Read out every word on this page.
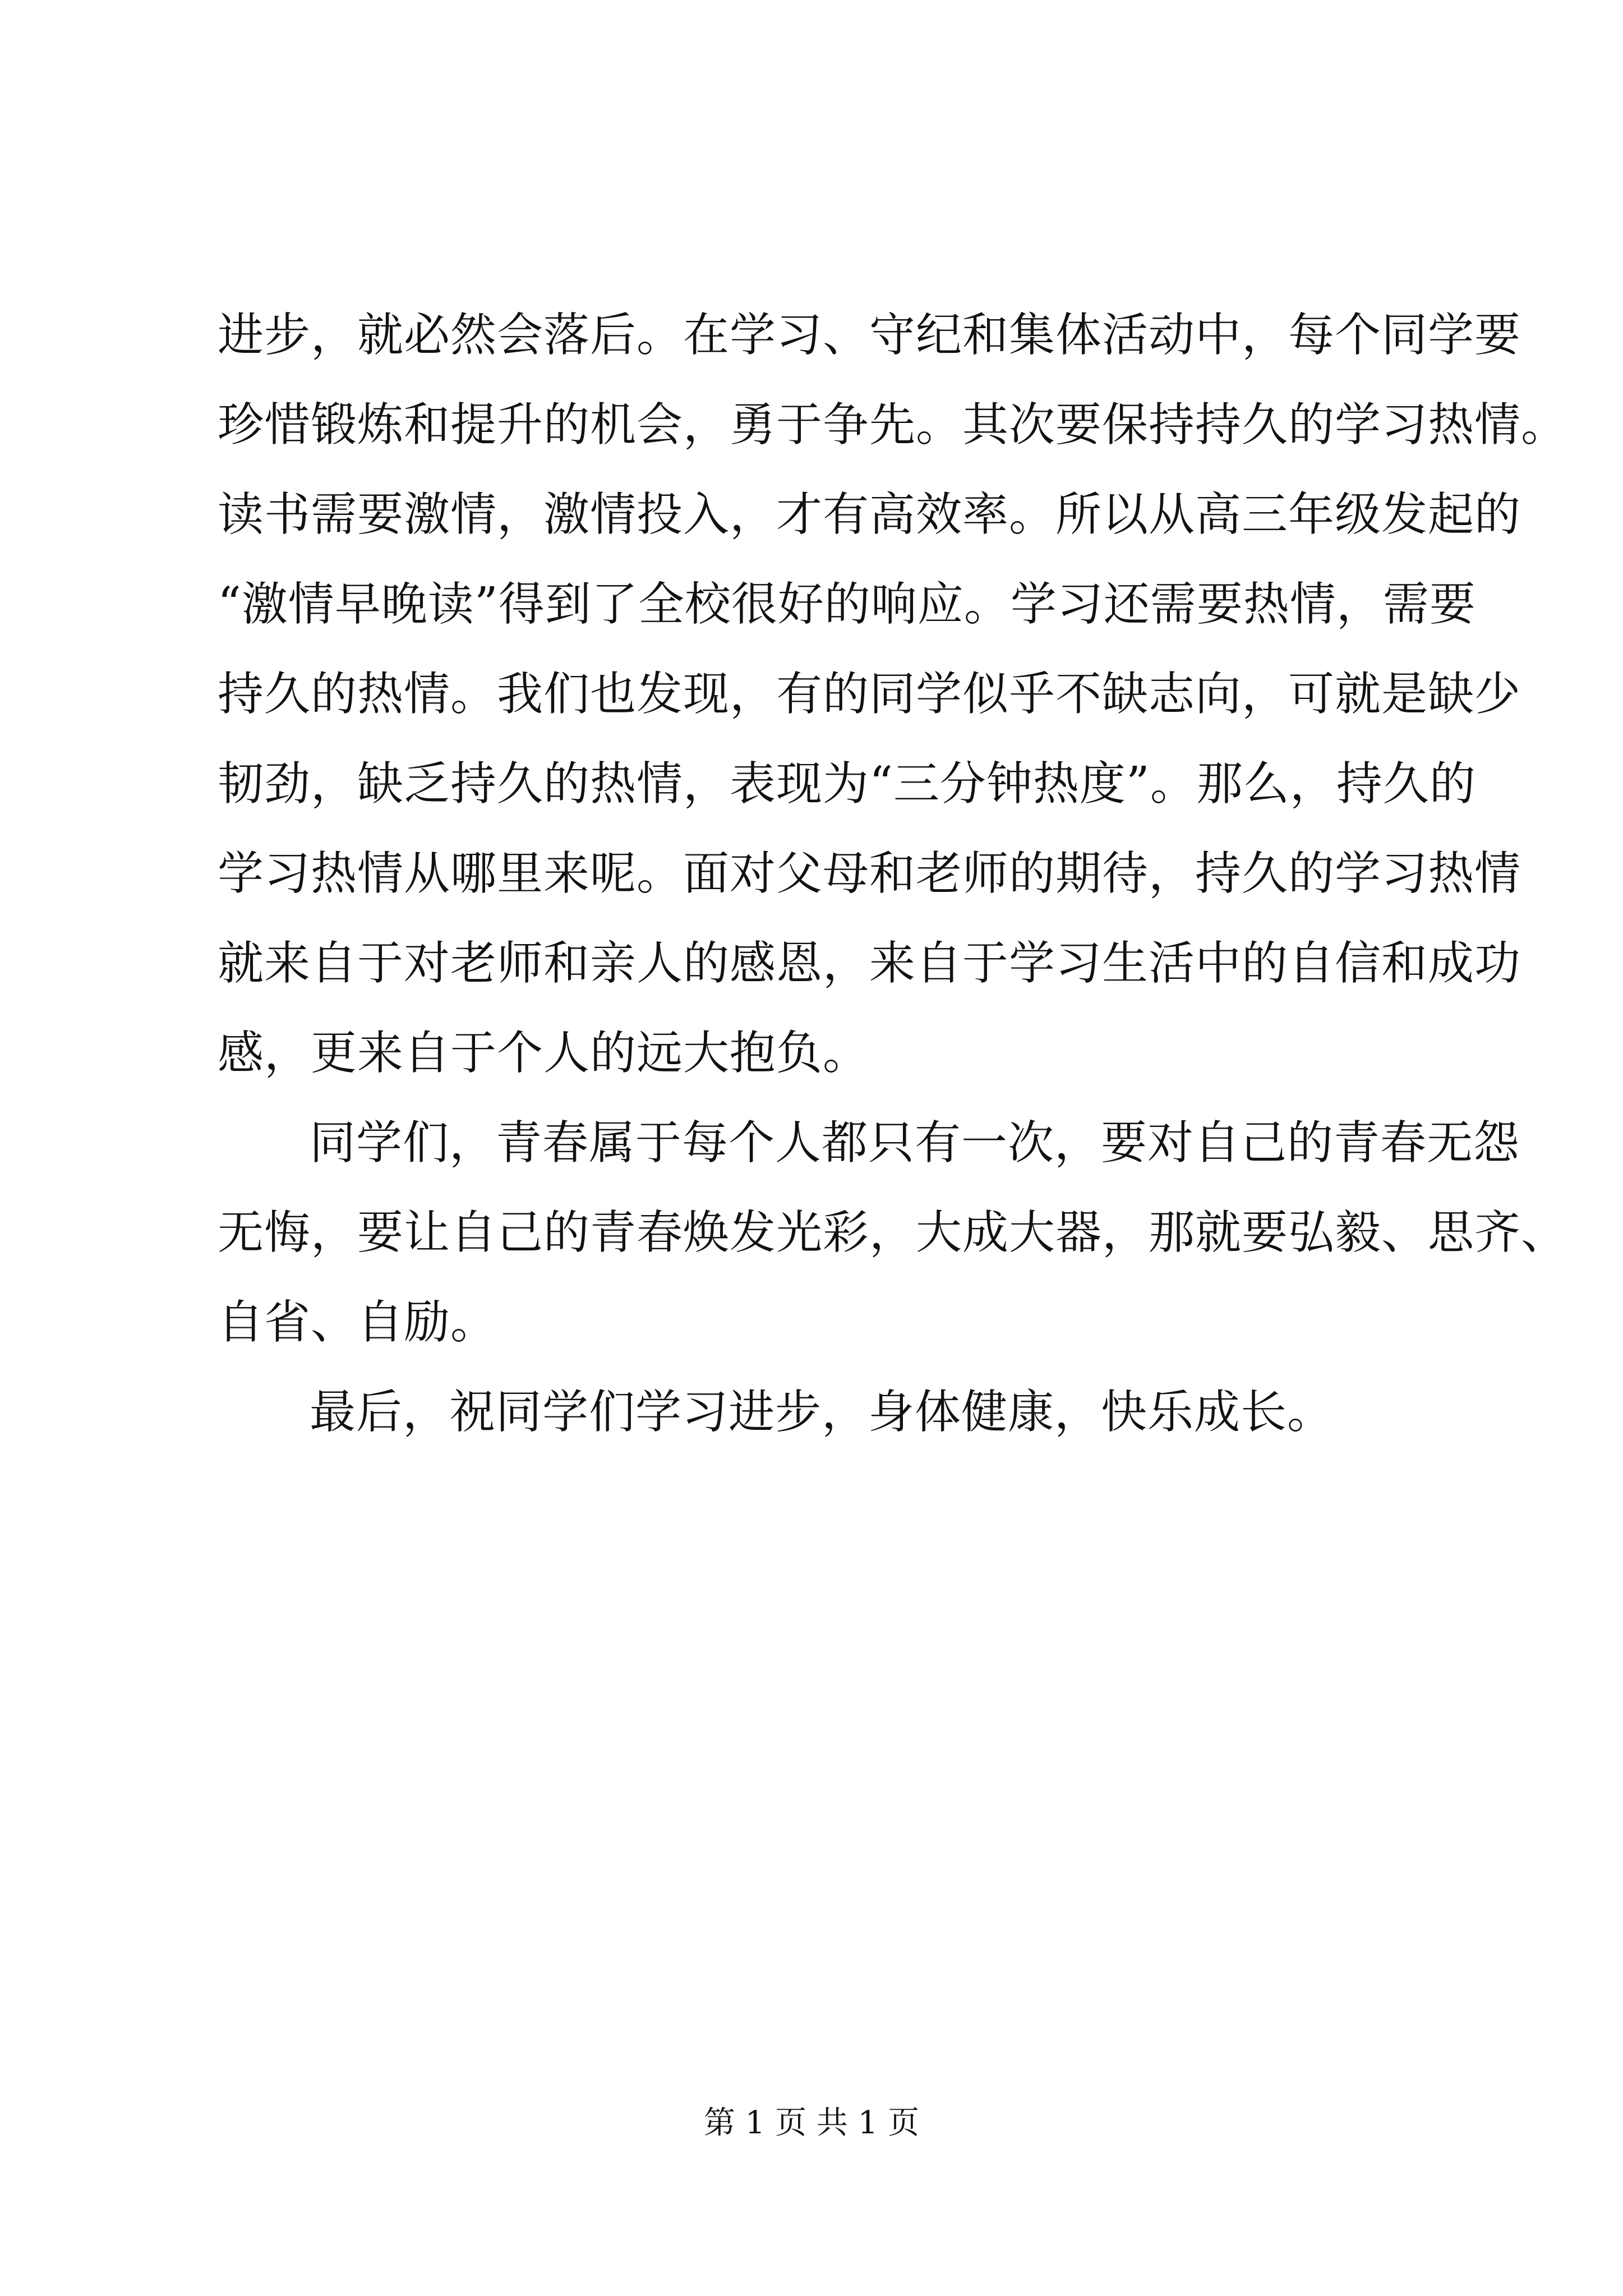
进步，就必然会落后。在学习、守纪和集体活动中，每个同学要
珍惜锻炼和提升的机会，勇于争先。其次要保持持久的学习热情。
读书需要激情，激情投入，才有高效率。所以从高三年级发起的
“激情早晚读”得到了全校很好的响应。学习还需要热情，需要
持久的热情。我们也发现，有的同学似乎不缺志向，可就是缺少
韧劲，缺乏持久的热情，表现为“三分钟热度”。那么，持久的
学习热情从哪里来呢。面对父母和老师的期待，持久的学习热情
就来自于对老师和亲人的感恩，来自于学习生活中的自信和成功
感，更来自于个人的远大抱负。
同学们，青春属于每个人都只有一次，要对自己的青春无怨
无悔，要让自己的青春焕发光彩，大成大器，那就要弘毅、思齐、
自省、自励。
最后，祝同学们学习进步，身体健康，快乐成长。
第 1 页 共 1 页
